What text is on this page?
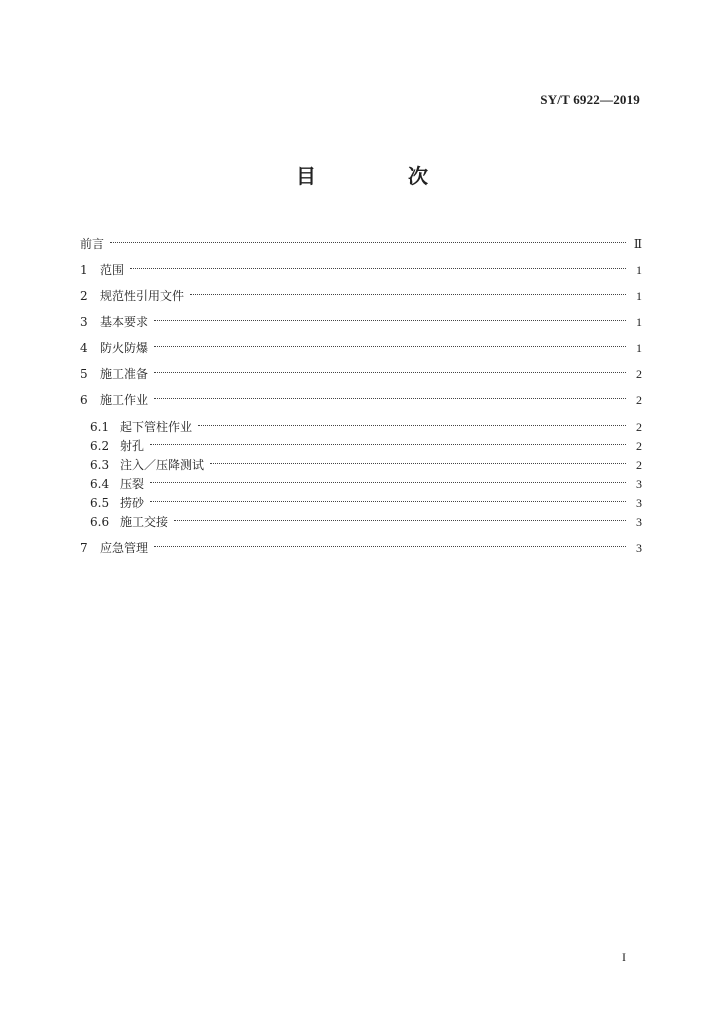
SY/T 6922—2019
目　次
前言	Ⅱ
1	范围	1
2	规范性引用文件	1
3	基本要求	1
4	防火防爆	1
5	施工准备	2
6	施工作业	2
6.1 起下管柱作业	2
6.2 射孔	2
6.3 注入／压降测试	2
6.4 压裂	3
6.5 捞砂	3
6.6 施工交接	3
7	应急管理	3
I
